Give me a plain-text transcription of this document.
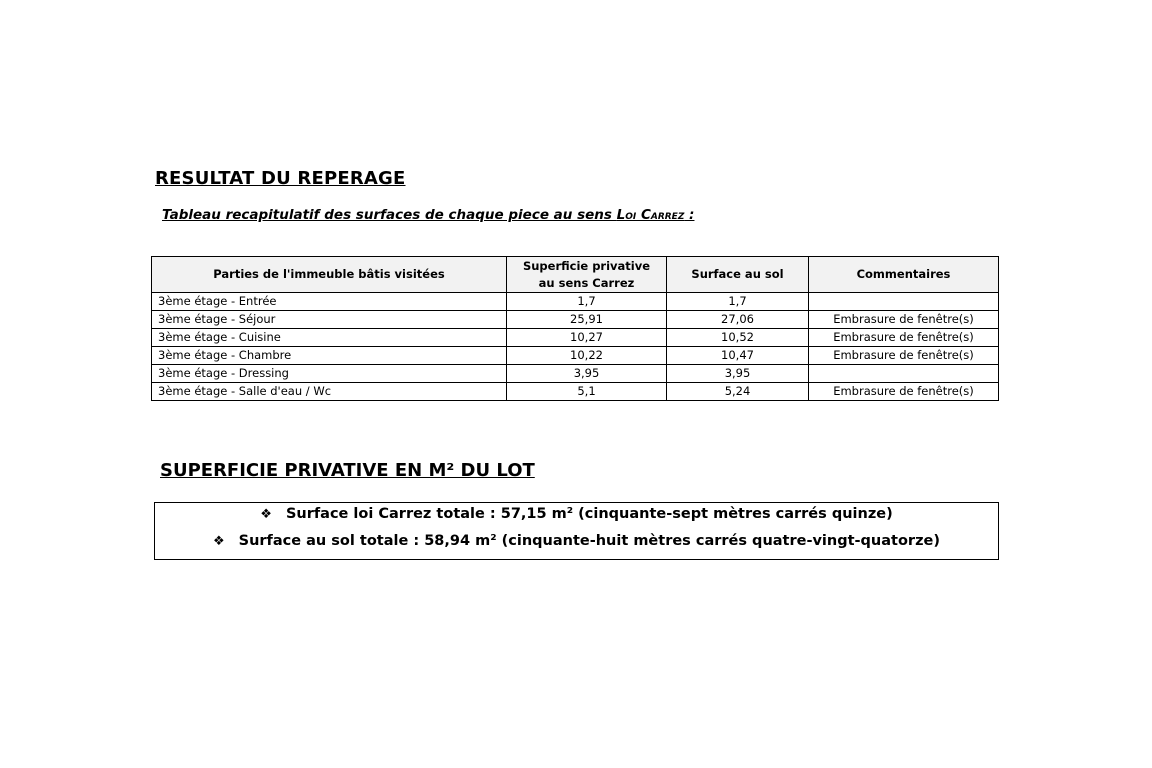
RESULTAT DU REPERAGE
Tableau recapitulatif des surfaces de chaque piece au sens Loi Carrez :
Parties de l'immeuble bâtis visitées	Superficie privative au sens Carrez	Surface au sol	Commentaires
3ème étage - Entrée	1,7	1,7	
3ème étage - Séjour	25,91	27,06	Embrasure de fenêtre(s)
3ème étage - Cuisine	10,27	10,52	Embrasure de fenêtre(s)
3ème étage - Chambre	10,22	10,47	Embrasure de fenêtre(s)
3ème étage - Dressing	3,95	3,95	
3ème étage - Salle d'eau / Wc	5,1	5,24	Embrasure de fenêtre(s)
SUPERFICIE PRIVATIVE EN M² DU LOT
❖ Surface loi Carrez totale : 57,15 m² (cinquante-sept mètres carrés quinze)
❖ Surface au sol totale : 58,94 m² (cinquante-huit mètres carrés quatre-vingt-quatorze)
